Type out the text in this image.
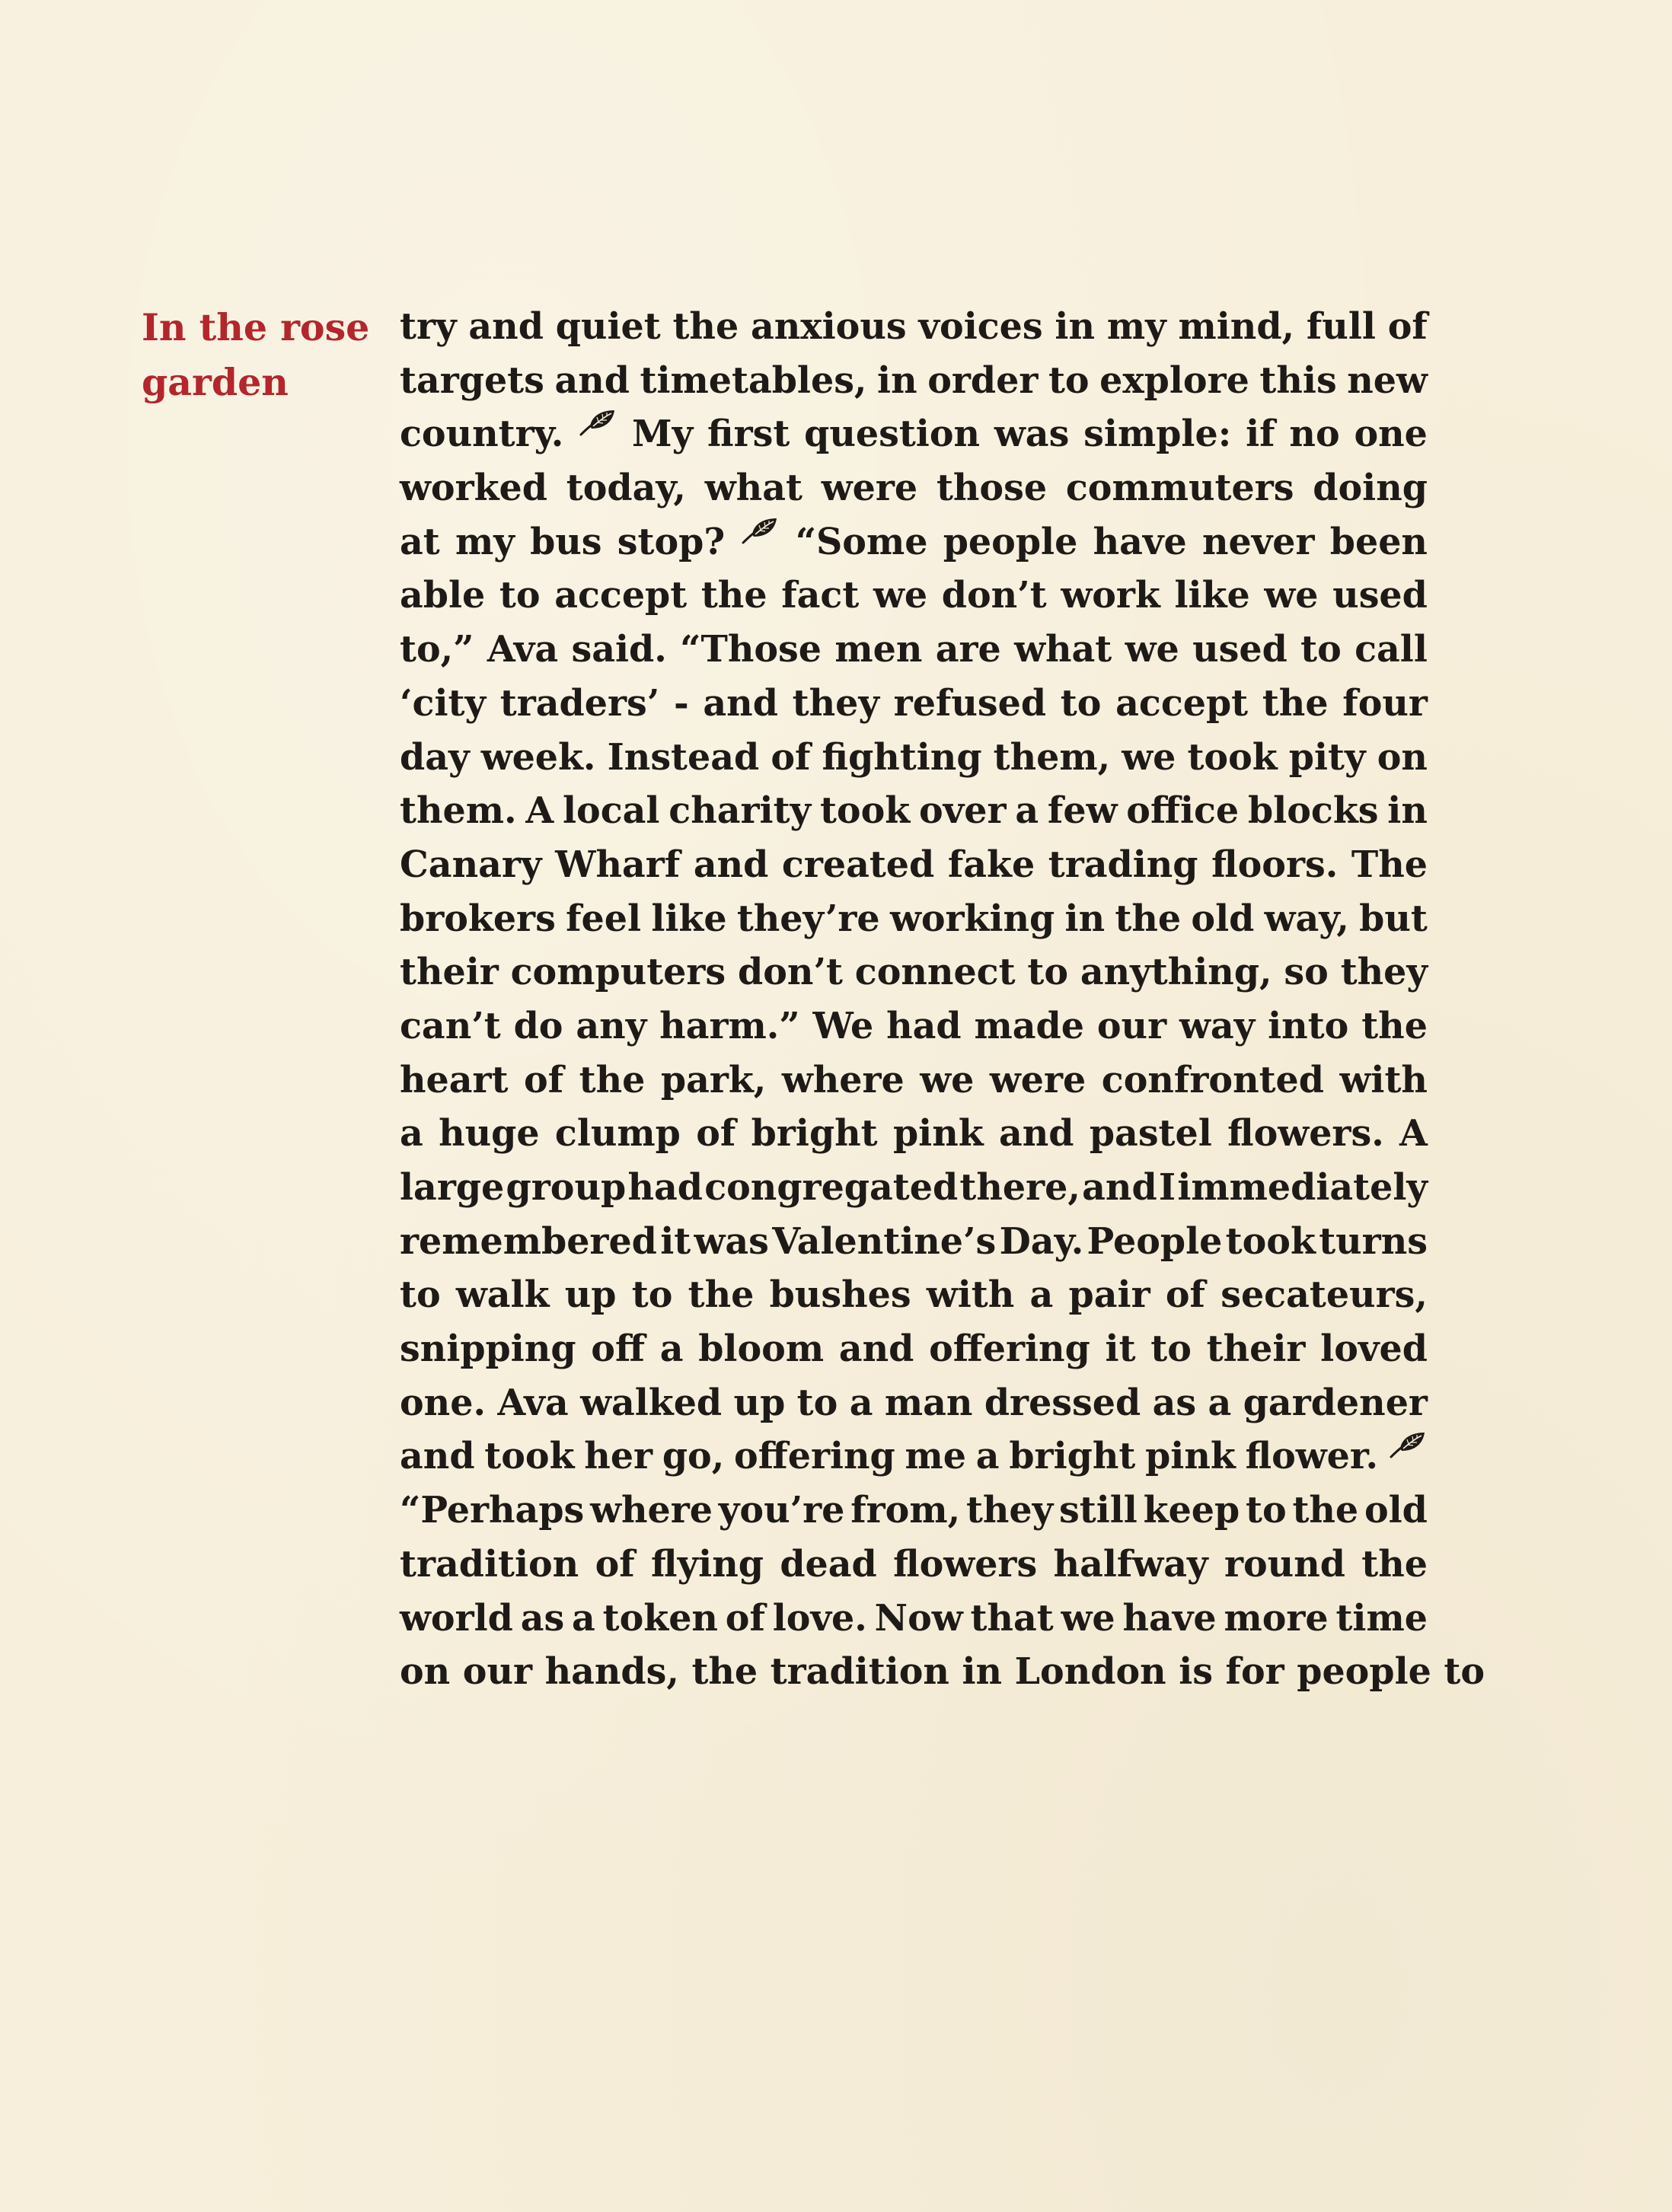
In the rose
garden
try and quiet the anxious voices in my mind, full of
targets and timetables, in order to explore this new
country. My first question was simple: if no one
worked today, what were those commuters doing
at my bus stop? “Some people have never been
able to accept the fact we don’t work like we used
to,” Ava said. “Those men are what we used to call
‘city traders’ - and they refused to accept the four
day week. Instead of fighting them, we took pity on
them. A local charity took over a few office blocks in
Canary Wharf and created fake trading floors. The
brokers feel like they’re working in the old way, but
their computers don’t connect to anything, so they
can’t do any harm.” We had made our way into the
heart of the park, where we were confronted with
a huge clump of bright pink and pastel flowers. A
large group had congregated there, and I immediately
remembered it was Valentine’s Day. People took turns
to walk up to the bushes with a pair of secateurs,
snipping off a bloom and offering it to their loved
one. Ava walked up to a man dressed as a gardener
and took her go, offering me a bright pink flower.
“Perhaps where you’re from, they still keep to the old
tradition of flying dead flowers halfway round the
world as a token of love. Now that we have more time
on
our
hands,
the
tradition
in
London
is
for
people
to
